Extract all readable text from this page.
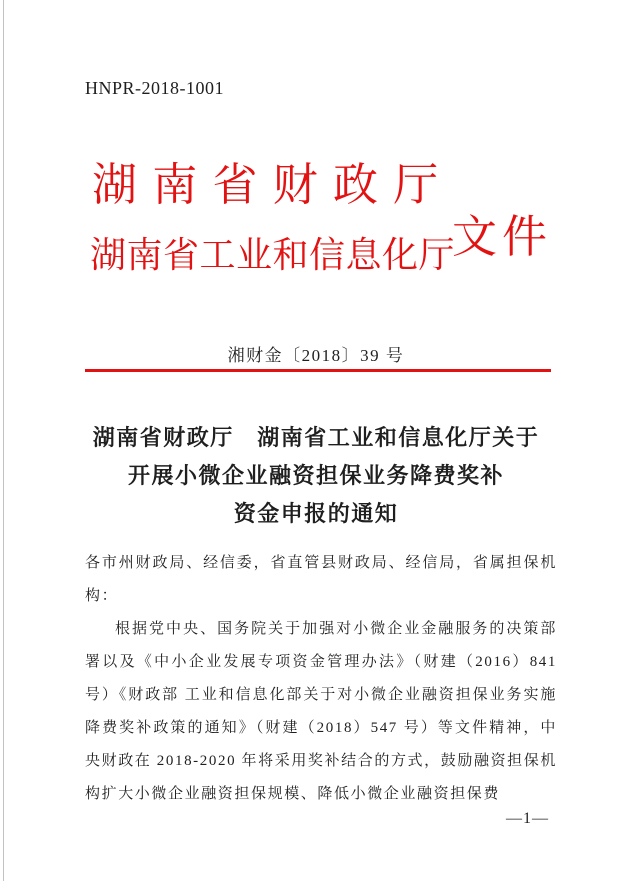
HNPR-2018-1001
湖 南 省 财 政 厅
湖南省工业和信息化厅
文件
湘财金〔2018〕39 号
湖南省财政厅　湖南省工业和信息化厅关于
开展小微企业融资担保业务降费奖补
资金申报的通知

各市州财政局、经信委，省直管县财政局、经信局，省属担保机构：

根据党中央、国务院关于加强对小微企业金融服务的决策部署以及《中小企业发展专项资金管理办法》（财建（2016）841号）《财政部 工业和信息化部关于对小微企业融资担保业务实施降费奖补政策的通知》（财建（2018）547 号）等文件精神，中央财政在 2018-2020 年将采用奖补结合的方式，鼓励融资担保机构扩大小微企业融资担保规模、降低小微企业融资担保费

—1—
